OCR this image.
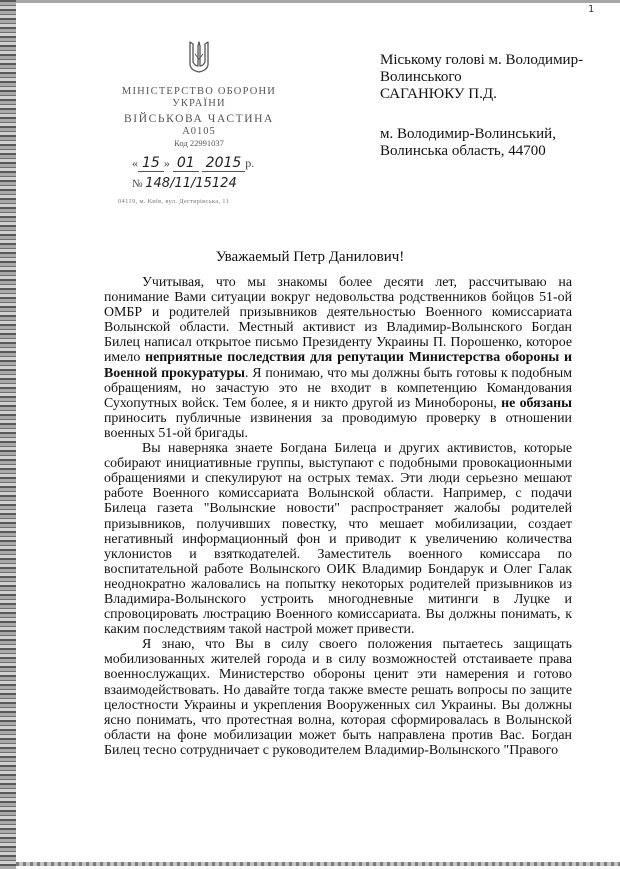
1
МІНІСТЕРСТВО ОБОРОНИ УКРАЇНИ
ВІЙСЬКОВА ЧАСТИНА
А0105
Код 22991037
« 15 » 01 2015 р.
№ 148/11/15124
04119, м. Київ, вул. Дегтярівська, 11
Міському голові м. Володимир-
Волинського
САГАНЮКУ П.Д.
м. Володимир-Волинський,
Волинська область, 44700
Уважаемый Петр Данилович!

Учитывая, что мы знакомы более десяти лет, рассчитываю на понимание Вами ситуации вокруг недовольства родственников бойцов 51-ой ОМБР и родителей призывников деятельностью Военного комиссариата Волынской области. Местный активист из Владимир-Волынского Богдан Билец написал открытое письмо Президенту Украины П. Порошенко, которое имело неприятные последствия для репутации Министерства обороны и Военной прокуратуры. Я понимаю, что мы должны быть готовы к подобным обращениям, но зачастую это не входит в компетенцию Командования Сухопутных войск. Тем более, я и никто другой из Минобороны, не обязаны приносить публичные извинения за проводимую проверку в отношении военных 51-ой бригады.

Вы наверняка знаете Богдана Билеца и других активистов, которые собирают инициативные группы, выступают с подобными провокационными обращениями и спекулируют на острых темах. Эти люди серьезно мешают работе Военного комиссариата Волынской области. Например, с подачи Билеца газета "Волынские новости" распространяет жалобы родителей призывников, получивших повестку, что мешает мобилизации, создает негативный информационный фон и приводит к увеличению количества уклонистов и взяткодателей. Заместитель военного комиссара по воспитательной работе Волынского ОИК Владимир Бондарук и Олег Галак неоднократно жаловались на попытку некоторых родителей призывников из Владимира-Волынского устроить многодневные митинги в Луцке и спровоцировать люстрацию Военного комиссариата. Вы должны понимать, к каким последствиям такой настрой может привести.

Я знаю, что Вы в силу своего положения пытаетесь защищать мобилизованных жителей города и в силу возможностей отстаиваете права военнослужащих. Министерство обороны ценит эти намерения и готово взаимодействовать. Но давайте тогда также вместе решать вопросы по защите целостности Украины и укрепления Вооруженных сил Украины. Вы должны ясно понимать, что протестная волна, которая сформировалась в Волынской области на фоне мобилизации может быть направлена против Вас. Богдан Билец тесно сотрудничает с руководителем Владимир-Волынского "Правого
